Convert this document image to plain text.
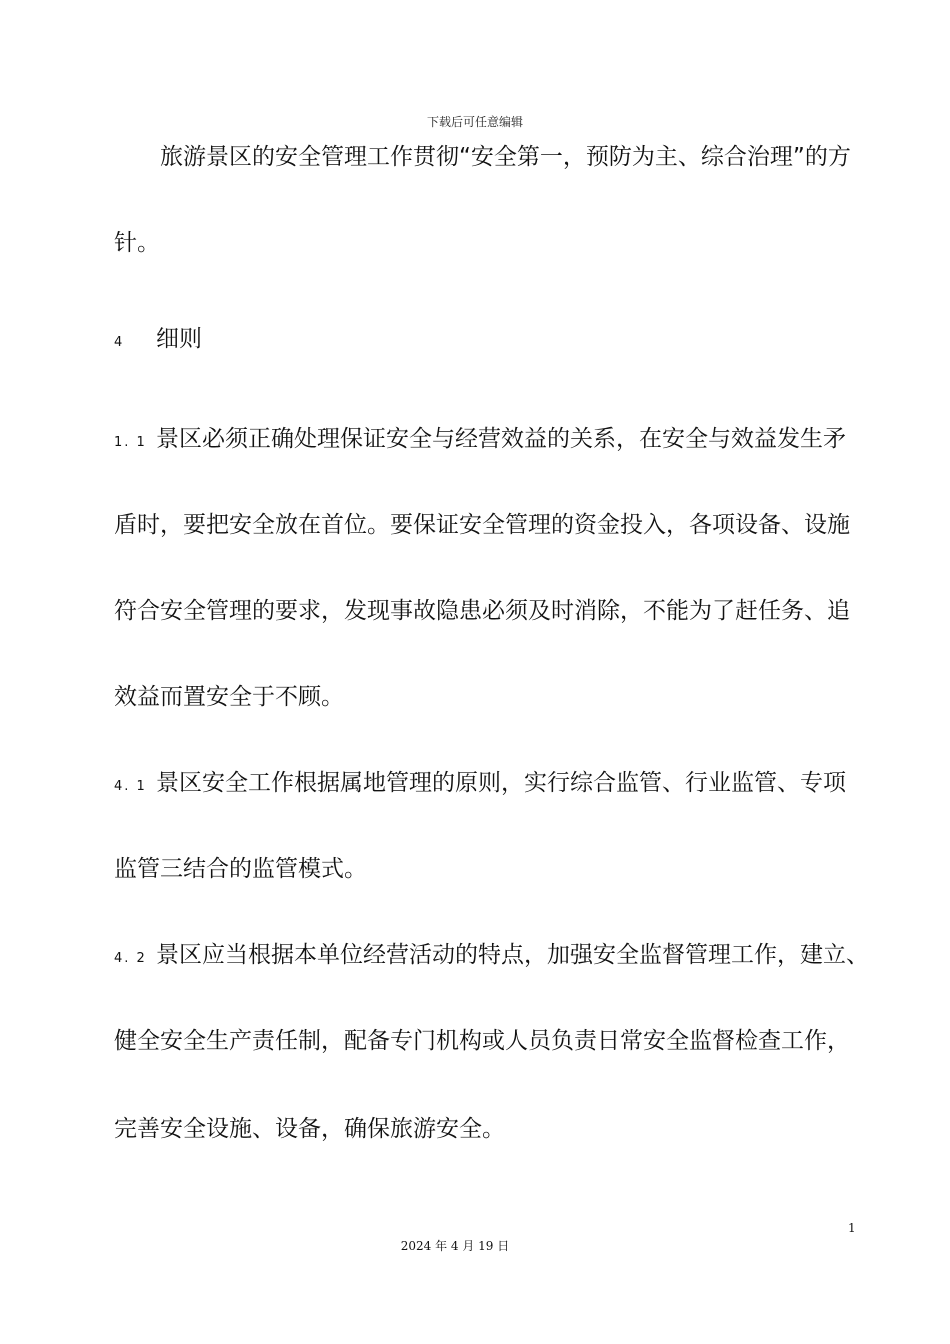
下载后可任意编辑
旅游景区的安全管理工作贯彻“安全第一，预防为主、综合治理”的方
针。
4 细则
1. 1 景区必须正确处理保证安全与经营效益的关系，在安全与效益发生矛
盾时，要把安全放在首位。要保证安全管理的资金投入，各项设备、设施
符合安全管理的要求，发现事故隐患必须及时消除，不能为了赶任务、追
效益而置安全于不顾。
4. 1 景区安全工作根据属地管理的原则，实行综合监管、行业监管、专项
监管三结合的监管模式。
4. 2 景区应当根据本单位经营活动的特点，加强安全监督管理工作，建立、
健全安全生产责任制，配备专门机构或人员负责日常安全监督检查工作，
完善安全设施、设备，确保旅游安全。
1
2024 年 4 月 19 日
